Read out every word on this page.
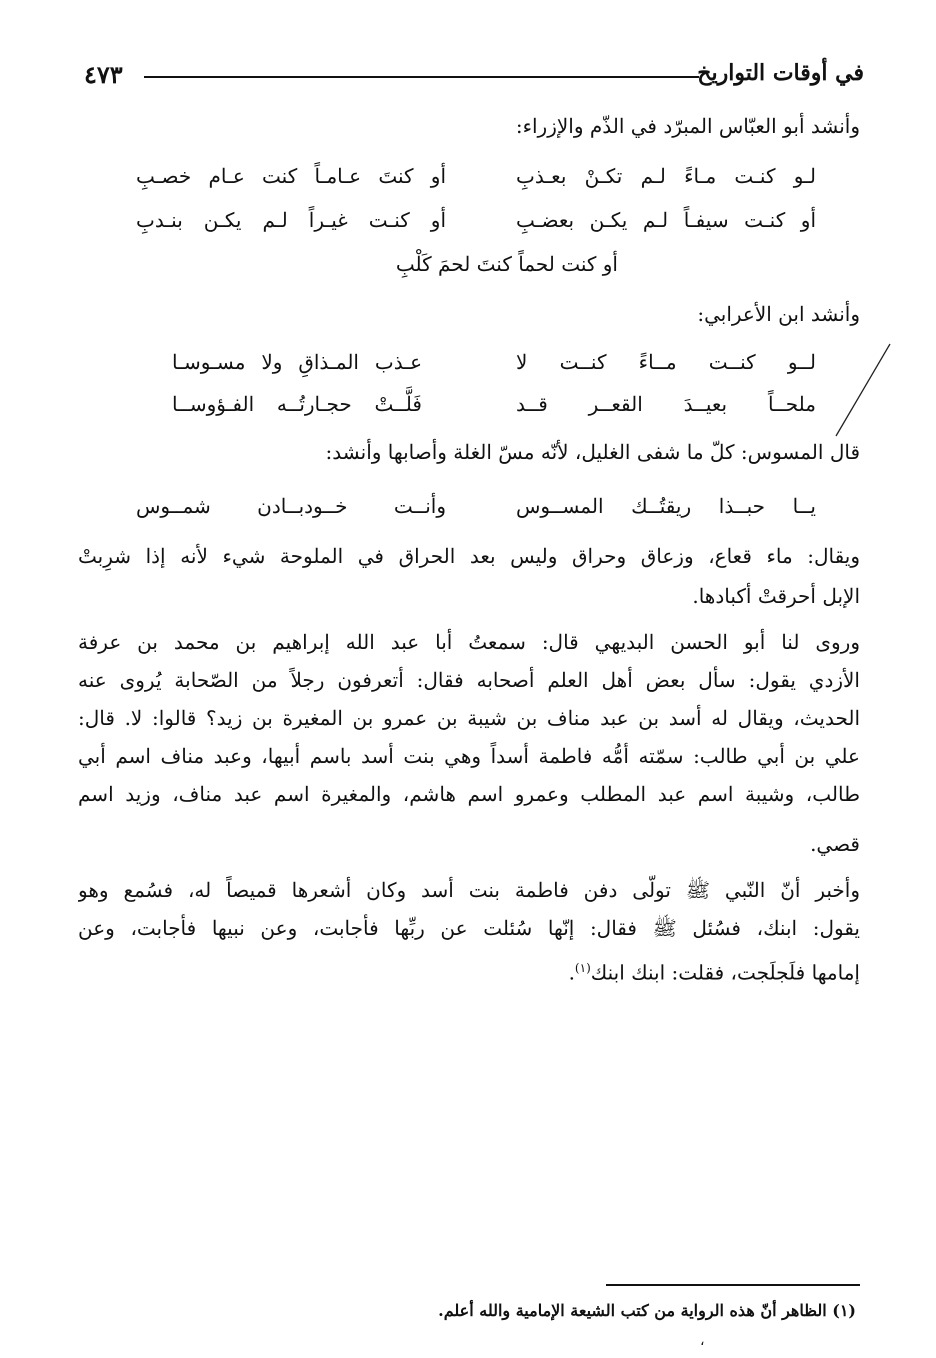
٤٧٣	في أوقات التواريخ
وأنشد أبو العبّاس المبرّد في الذّم والإزراء:
لـو كنـت مـاءً لـم تكـنْ بعـذبِ
أو كنتَ عـامـاً كنت عـام خصـبِ
أو كنـت سيفـاً لـم يكـن بعضـبِ
أو كنـت غيـراً لـم يكـن بنـدبِ
أو كنت لحماً كنتَ لحمَ كَلْبِ
وأنشد ابن الأعرابي:
لــو كنــت مــاءً كنــت لا
عـذب المـذاقِ ولا مسـوسـا
ملحــاً بعيــدَ القعــر قــد
فَلَّــتْ حجـارتُــه الفـؤوســا
قال المسوس: كلّ ما شفى الغليل، لأنّه مسّ الغلة وأصابها وأنشد:
يــا حبــذا ريقتُــك المســوس
وأنــت خــودبــادن شمــوس
ويقال: ماء قعاع، وزعاق وحراق وليس بعد الحراق في الملوحة شيء لأنه إذا شرِبتْ
الإبل أحرقتْ أكبادها.
وروى لنا أبو الحسن البديهي قال: سمعتُ أبا عبد الله إبراهيم بن محمد بن عرفة
الأزدي يقول: سأل بعض أهل العلم أصحابه فقال: أتعرفون رجلاً من الصّحابة يُروى عنه
الحديث، ويقال له أسد بن عبد مناف بن شيبة بن عمرو بن المغيرة بن زيد؟ قالوا: لا. قال:
علي بن أبي طالب: سمّته أمُّه فاطمة أسداً وهي بنت أسد باسم أبيها، وعبد مناف اسم أبي
طالب، وشيبة اسم عبد المطلب وعمرو اسم هاشم، والمغيرة اسم عبد مناف، وزيد اسم
قصي.
وأخبر أنّ النّبي ﷺ تولّى دفن فاطمة بنت أسد وكان أشعرها قميصاً له، فسُمع وهو
يقول: ابنك، فسُئل ﷺ فقال: إنّها سُئلت عن ربِّها فأجابت، وعن نبيها فأجابت، وعن
إمامها فلَجلَجت، فقلت: ابنك ابنك$^{(١)}$.
(١) الظاهر أنّ هذه الرواية من كتب الشيعة الإمامية والله أعلم.
،
